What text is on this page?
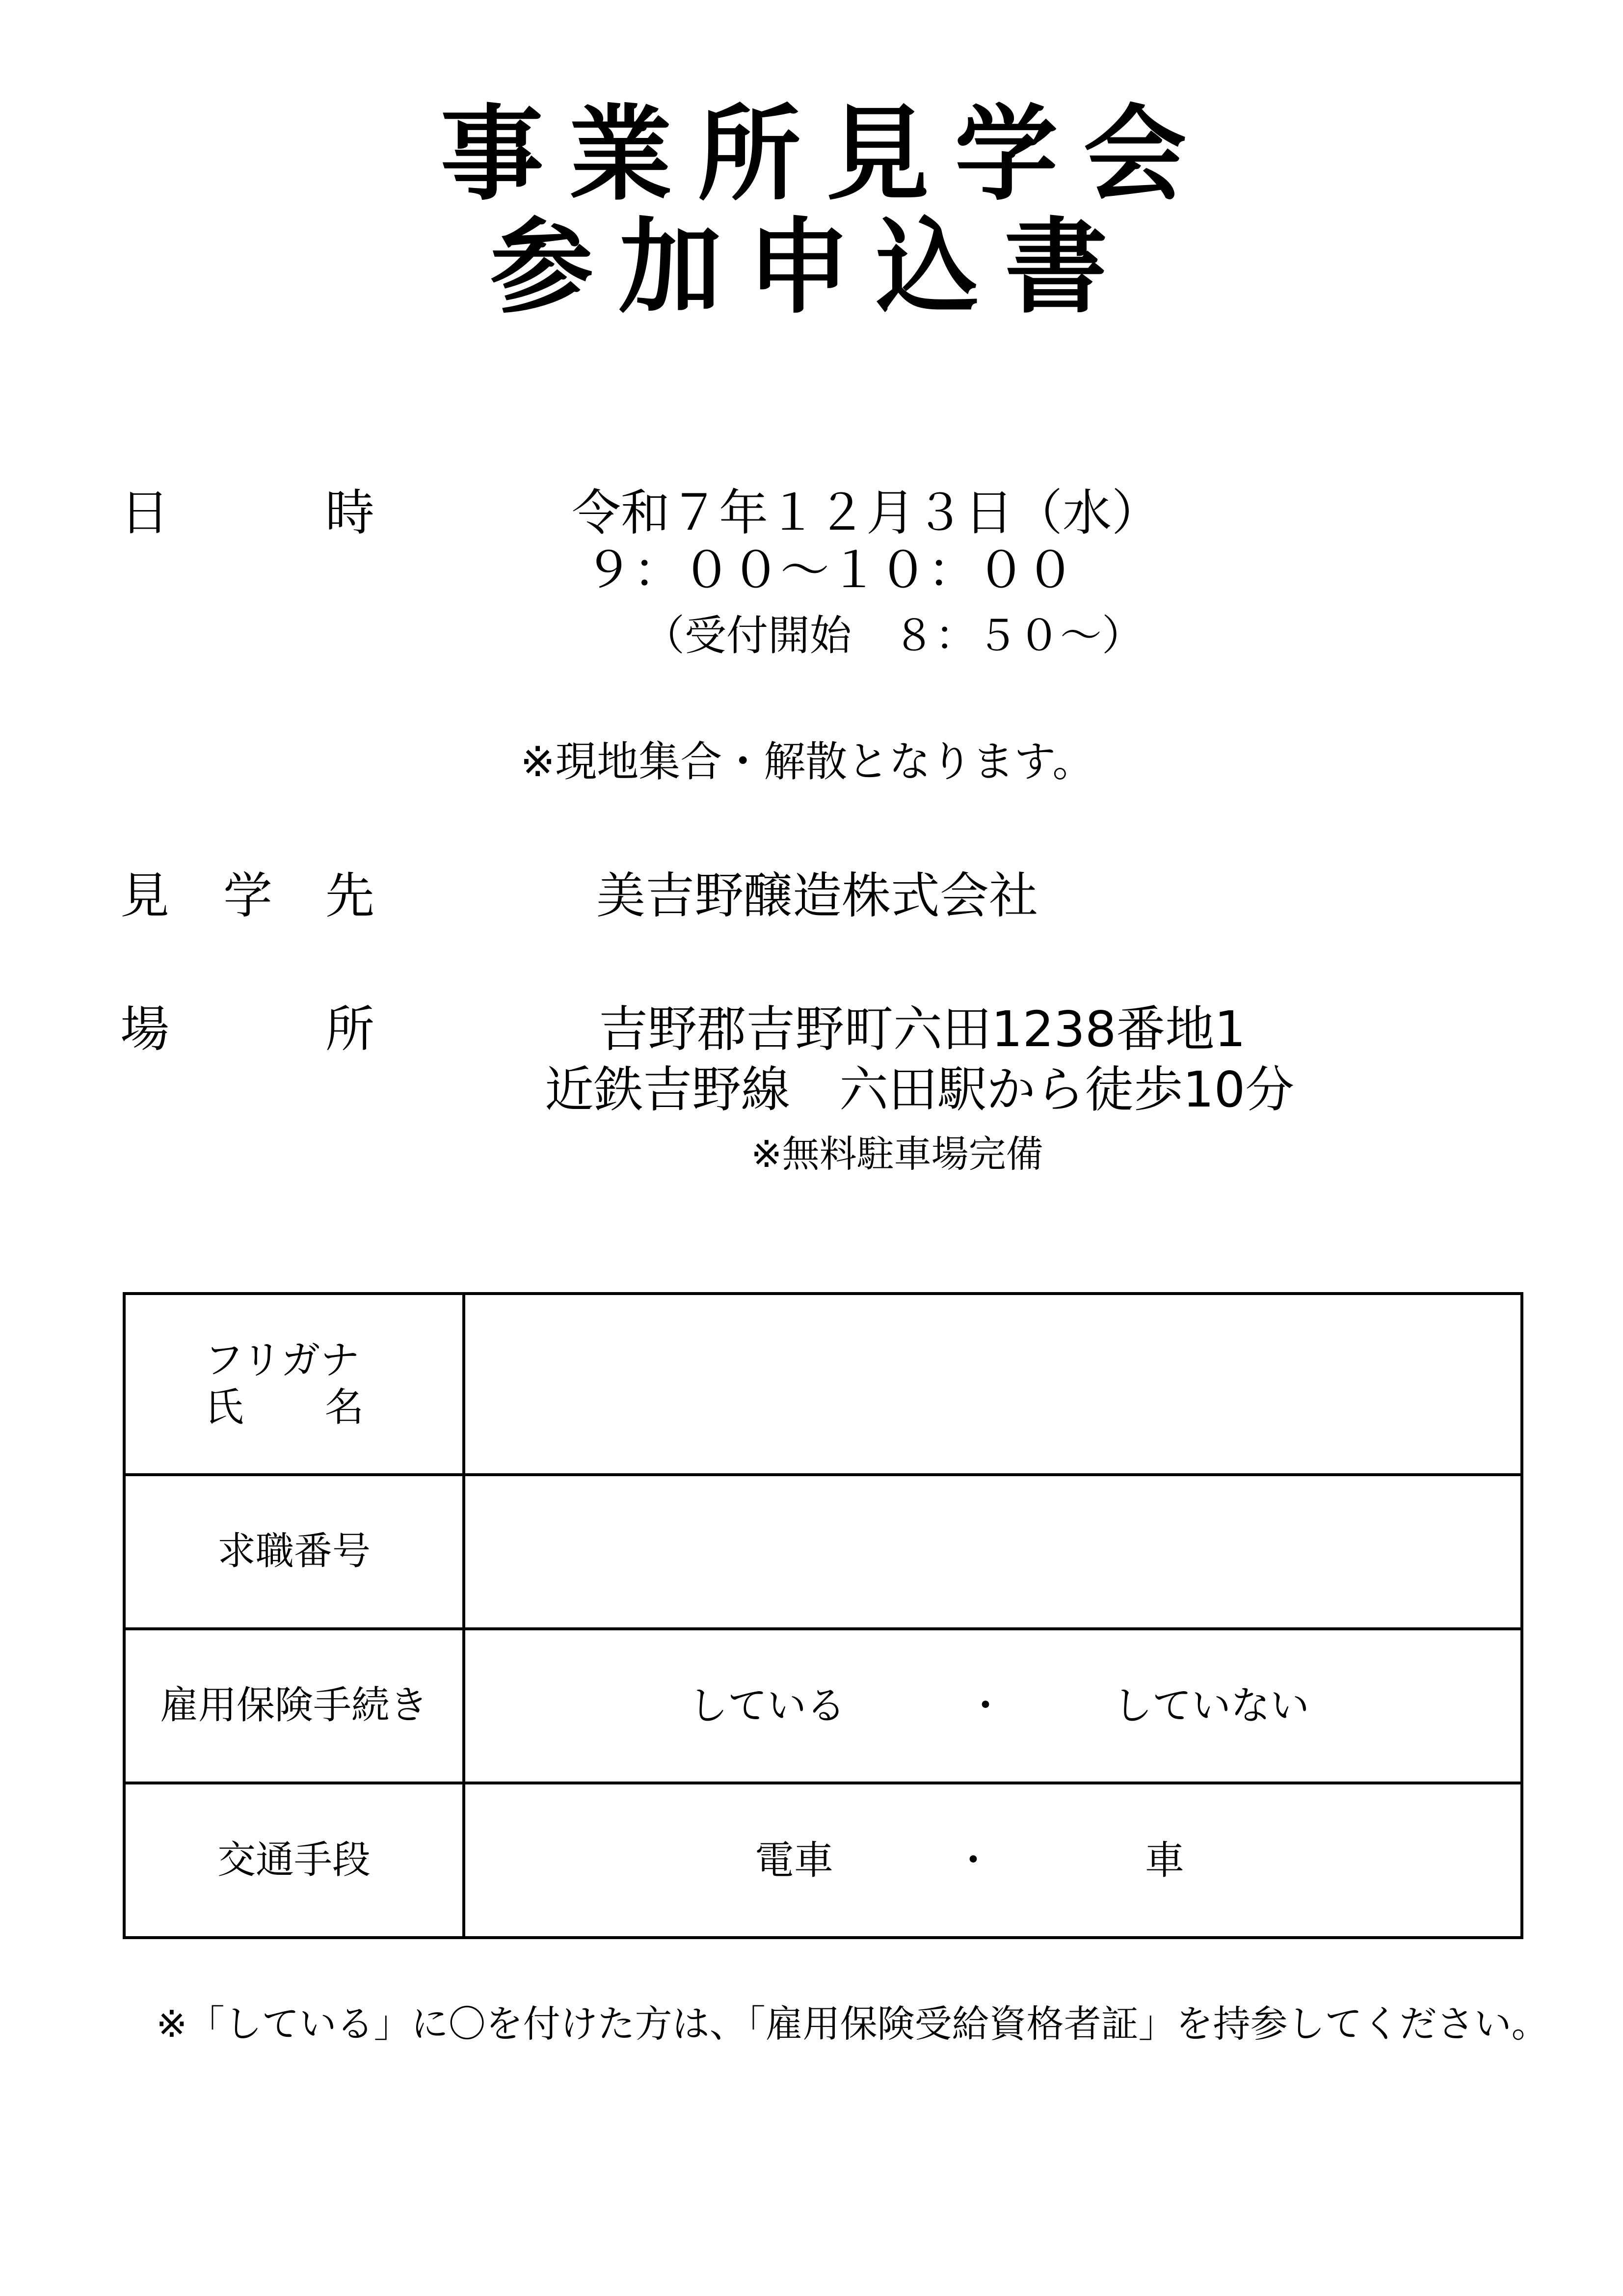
事業所見学会
参加申込書
日	時	令和７年１２月３日（水）
９：００～１０：００
（受付開始　８：５０～）
※現地集合・解散となります。
見 学 先	美吉野醸造株式会社
場	所	吉野郡吉野町六田1238番地1
近鉄吉野線　六田駅から徒歩10分
※無料駐車場完備
フリガナ
氏 名	

求職番号	
雇用保険手続き	している ・ していない

交通手段	電車 ・ 車
※「している」に〇を付けた方は、「雇用保険受給資格者証」を持参してください。
